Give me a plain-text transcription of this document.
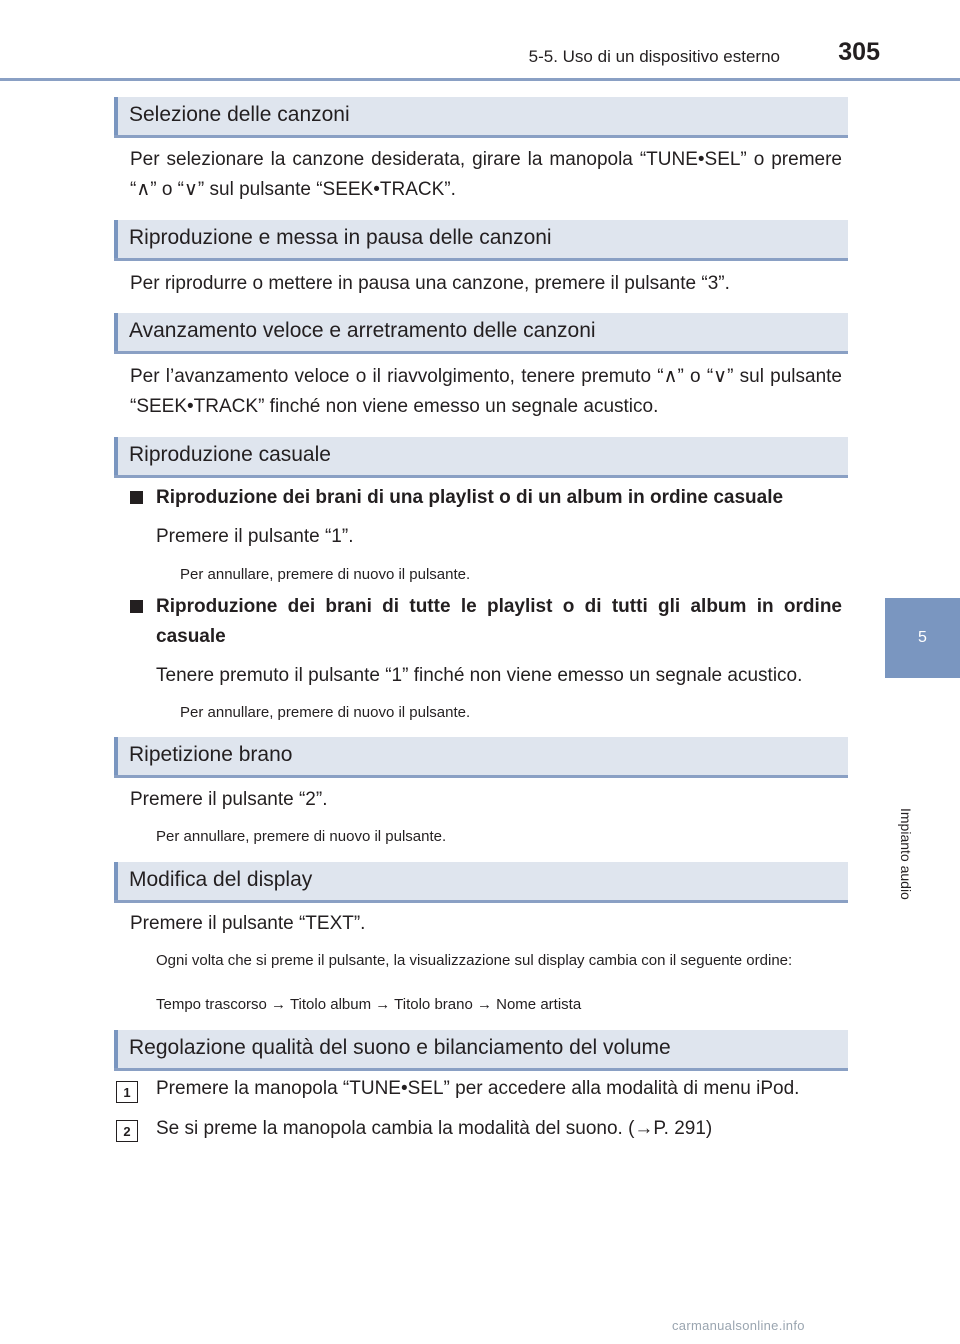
5-5. Uso di un dispositivo esterno 305
5
Impianto audio
Selezione delle canzoni
Per selezionare la canzone desiderata, girare la manopola “TUNE•SEL” o premere “∧” o “∨” sul pulsante “SEEK•TRACK”.
Riproduzione e messa in pausa delle canzoni
Per riprodurre o mettere in pausa una canzone, premere il pulsante “3”.
Avanzamento veloce e arretramento delle canzoni
Per l’avanzamento veloce o il riavvolgimento, tenere premuto “∧” o “∨” sul pulsante “SEEK•TRACK” finché non viene emesso un segnale acustico.
Riproduzione casuale
Riproduzione dei brani di una playlist o di un album in ordine casuale
Premere il pulsante “1”.
Per annullare, premere di nuovo il pulsante.
Riproduzione dei brani di tutte le playlist o di tutti gli album in ordine casuale
Tenere premuto il pulsante “1” finché non viene emesso un segnale acustico.
Per annullare, premere di nuovo il pulsante.
Ripetizione brano
Premere il pulsante “2”.
Per annullare, premere di nuovo il pulsante.
Modifica del display
Premere il pulsante “TEXT”.
Ogni volta che si preme il pulsante, la visualizzazione sul display cambia con il seguente ordine:
Tempo trascorso → Titolo album → Titolo brano → Nome artista
Regolazione qualità del suono e bilanciamento del volume
1	Premere la manopola “TUNE•SEL” per accedere alla modalità di menu iPod.
2	Se si preme la manopola cambia la modalità del suono. (→P. 291)
carmanualsonline.info
